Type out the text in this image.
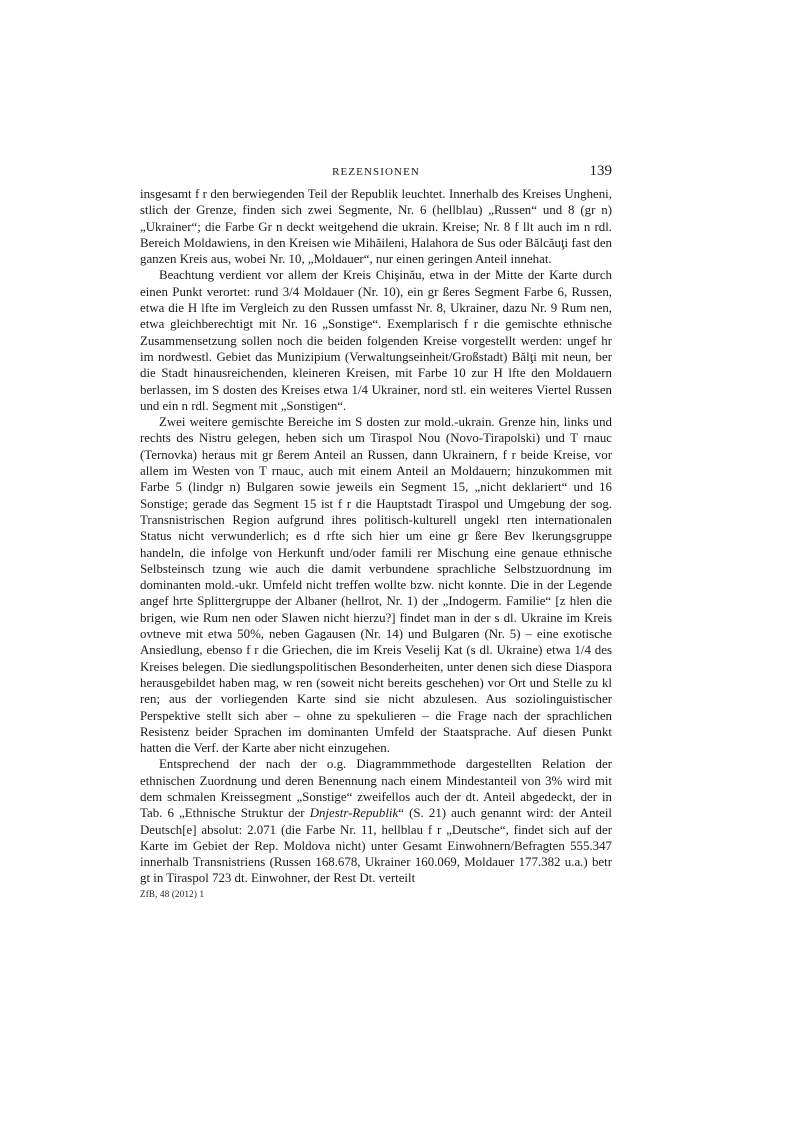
REZENSIONEN	139

insgesamt f r den berwiegenden Teil der Republik leuchtet. Innerhalb des Kreises Ungheni, stlich der Grenze, finden sich zwei Segmente, Nr. 6 (hellblau) „Russen“ und 8 (gr n) „Ukrainer“; die Farbe Gr n deckt weitgehend die ukrain. Kreise; Nr. 8 f llt auch im n rdl. Bereich Moldawiens, in den Kreisen wie Mihăileni, Halahora de Sus oder Bălcăuţi fast den ganzen Kreis aus, wobei Nr. 10, „Moldauer“, nur einen geringen Anteil innehat.

Beachtung verdient vor allem der Kreis Chişinău, etwa in der Mitte der Karte durch einen Punkt verortet: rund 3/4 Moldauer (Nr. 10), ein gr ßeres Segment Farbe 6, Russen, etwa die H lfte im Vergleich zu den Russen umfasst Nr. 8, Ukrainer, dazu Nr. 9 Rum nen, etwa gleichberechtigt mit Nr. 16 „Sonstige“. Exemplarisch f r die gemischte ethnische Zusammensetzung sollen noch die beiden folgenden Kreise vorgestellt werden: ungef hr im nordwestl. Gebiet das Munizipium (Verwaltungseinheit/Großstadt) Bălţi mit neun, ber die Stadt hinausreichenden, kleineren Kreisen, mit Farbe 10 zur H lfte den Moldauern berlassen, im S dosten des Kreises etwa 1/4 Ukrainer, nord stl. ein weiteres Viertel Russen und ein n rdl. Segment mit „Sonstigen“.

Zwei weitere gemischte Bereiche im S dosten zur mold.-ukrain. Grenze hin, links und rechts des Nistru gelegen, heben sich um Tiraspol Nou (Novo-Tirapolski) und T rnauc (Ternovka) heraus mit gr ßerem Anteil an Russen, dann Ukrainern, f r beide Kreise, vor allem im Westen von T rnauc, auch mit einem Anteil an Moldauern; hinzukommen mit Farbe 5 (lindgr n) Bulgaren sowie jeweils ein Segment 15, „nicht deklariert“ und 16 Sonstige; gerade das Segment 15 ist f r die Hauptstadt Tiraspol und Umgebung der sog. Transnistrischen Region aufgrund ihres politisch-kulturell ungekl rten internationalen Status nicht verwunderlich; es d rfte sich hier um eine gr ßere Bev lkerungsgruppe handeln, die infolge von Herkunft und/oder famili rer Mischung eine genaue ethnische Selbsteinsch tzung wie auch die damit verbundene sprachliche Selbstzuordnung im dominanten mold.-ukr. Umfeld nicht treffen wollte bzw. nicht konnte. Die in der Legende angef hrte Splittergruppe der Albaner (hellrot, Nr. 1) der „Indogerm. Familie“ [z hlen die brigen, wie Rum nen oder Slawen nicht hierzu?] findet man in der s dl. Ukraine im Kreis ovtneve mit etwa 50%, neben Gagausen (Nr. 14) und Bulgaren (Nr. 5) – eine exotische Ansiedlung, ebenso f r die Griechen, die im Kreis Veselij Kat (s dl. Ukraine) etwa 1/4 des Kreises belegen. Die siedlungspolitischen Besonderheiten, unter denen sich diese Diaspora herausgebildet haben mag, w ren (soweit nicht bereits geschehen) vor Ort und Stelle zu kl ren; aus der vorliegenden Karte sind sie nicht abzulesen. Aus soziolinguistischer Perspektive stellt sich aber – ohne zu spekulieren – die Frage nach der sprachlichen Resistenz beider Sprachen im dominanten Umfeld der Staatsprache. Auf diesen Punkt hatten die Verf. der Karte aber nicht einzugehen.

Entsprechend der nach der o.g. Diagrammmethode dargestellten Relation der ethnischen Zuordnung und deren Benennung nach einem Mindestanteil von 3% wird mit dem schmalen Kreissegment „Sonstige“ zweifellos auch der dt. Anteil abgedeckt, der in Tab. 6 „Ethnische Struktur der Dnjestr-Republik“ (S. 21) auch genannt wird: der Anteil Deutsch[e] absolut: 2.071 (die Farbe Nr. 11, hellblau f r „Deutsche“, findet sich auf der Karte im Gebiet der Rep. Moldova nicht) unter Gesamt Einwohnern/Befragten 555.347 innerhalb Transnistriens (Russen 168.678, Ukrainer 160.069, Moldauer 177.382 u.a.) betr gt in Tiraspol 723 dt. Einwohner, der Rest Dt. verteilt

ZfB, 48 (2012) 1
